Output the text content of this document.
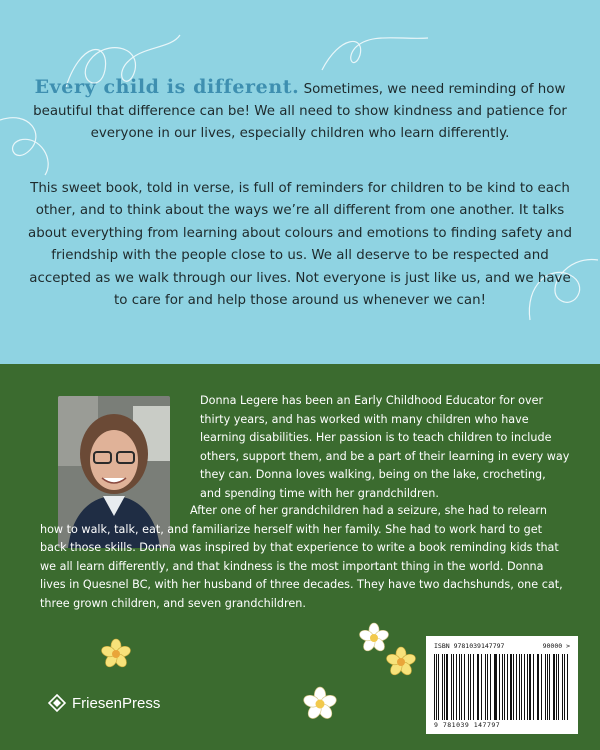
Every child is different. Sometimes, we need reminding of how beautiful that difference can be! We all need to show kindness and patience for everyone in our lives, especially children who learn differently.

This sweet book, told in verse, is full of reminders for children to be kind to each other, and to think about the ways we’re all different from one another. It talks about everything from learning about colours and emotions to finding safety and friendship with the people close to us. We all deserve to be respected and accepted as we walk through our lives. Not everyone is just like us, and we have to care for and help those around us whenever we can!

Donna Legere has been an Early Childhood Educator for over thirty years, and has worked with many children who have learning disabilities. Her passion is to teach children to include others, support them, and be a part of their learning in every way they can. Donna loves walking, being on the lake, crocheting, and spending time with her grandchildren.

After one of her grandchildren had a seizure, she had to relearn how to walk, talk, eat, and familiarize herself with her family. She had to work hard to get back those skills. Donna was inspired by that experience to write a book reminding kids that we all learn differently, and that kindness is the most important thing in the world. Donna lives in Quesnel BC, with her husband of three decades. They have two dachshunds, one cat, three grown children, and seven grandchildren.

FriesenPress
ISBN 9781039147797	90000 >
9 781039 147797
